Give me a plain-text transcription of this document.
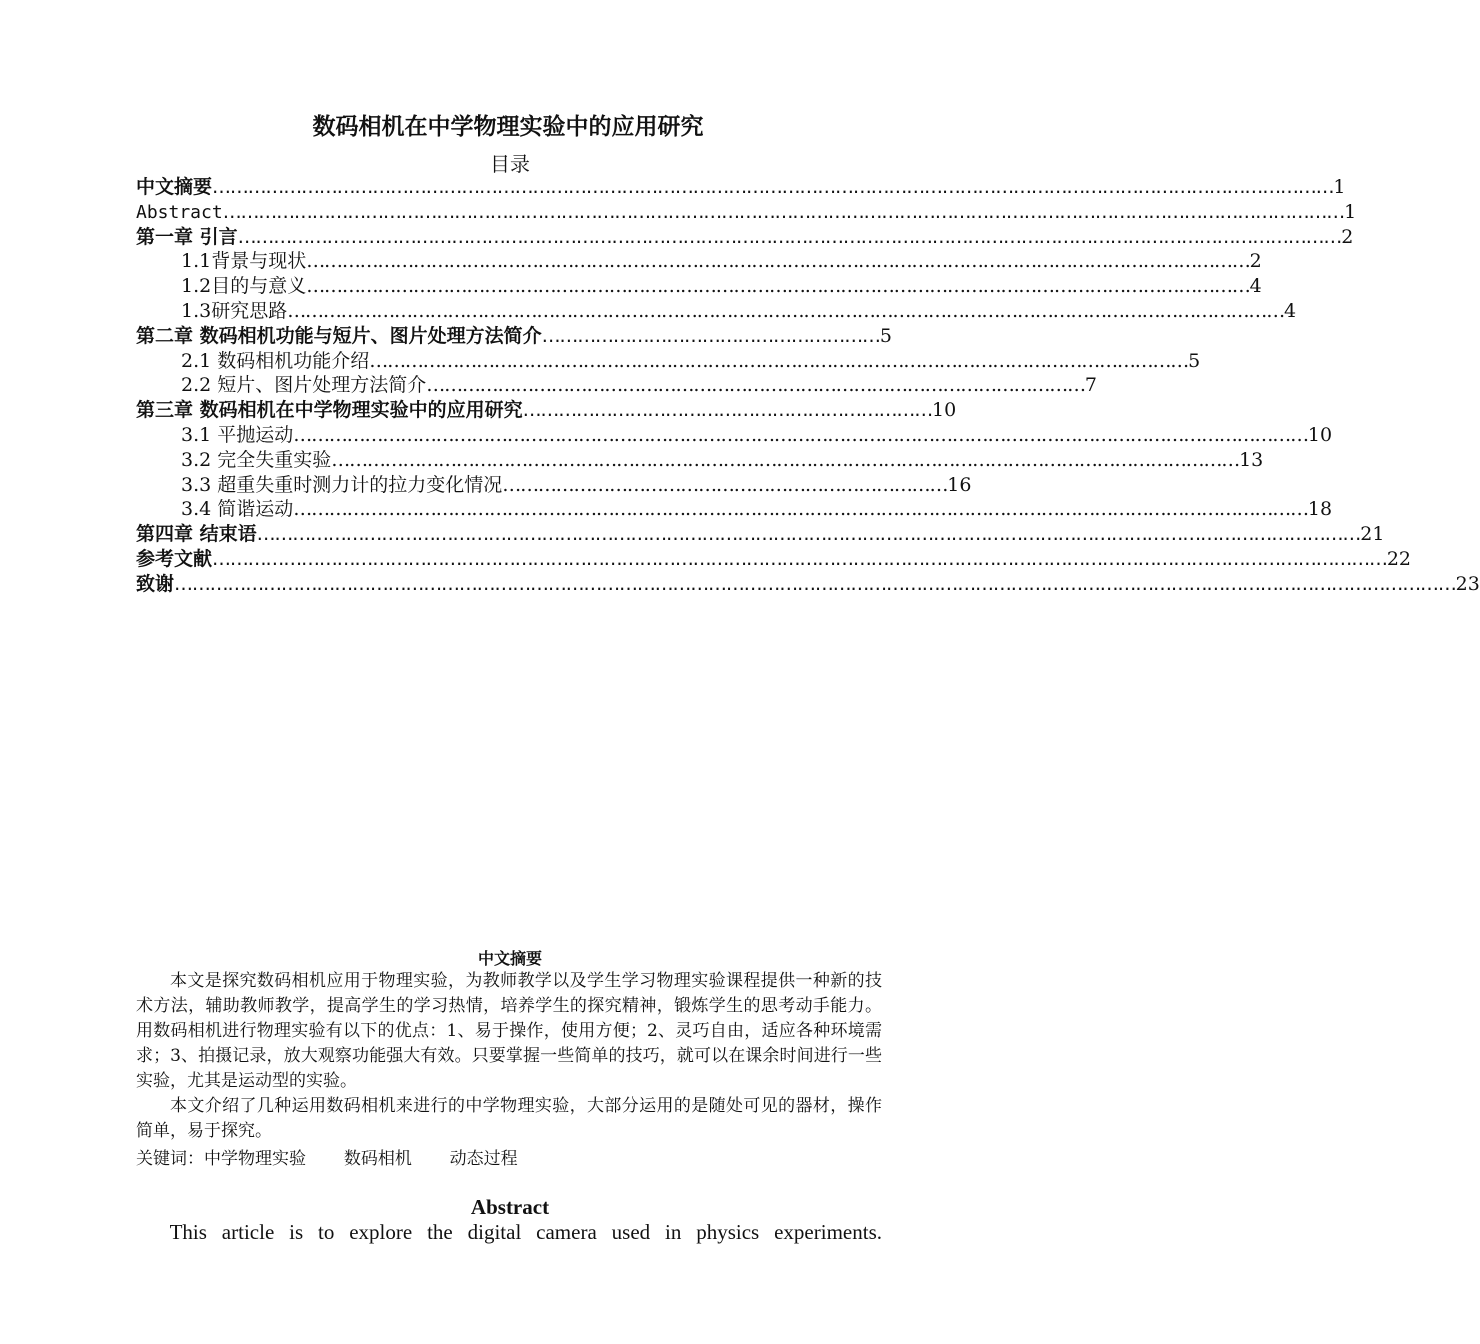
数码相机在中学物理实验中的应用研究
目录
中文摘要………………………………………………………………………………………………………………………………………………………………………1
Abstract………………………………………………………………………………………………………………………………………………………………………1
第一章 引言……………………………………………………………………………………………………………………………………………………………………2
1.1背景与现状……………………………………………………………………………………………………………………………………………2
1.2目的与意义……………………………………………………………………………………………………………………………………………4
1.3研究思路……………………………………………………………………………………………………………………………………………………4
第二章 数码相机功能与短片、图片处理方法简介…………………………………………………5
2.1 数码相机功能介绍…………………………………………………………………………………………………………………………5
2.2 短片、图片处理方法简介…………………………………………………………………………………………………7
第三章 数码相机在中学物理实验中的应用研究……………………………………………………………10
3.1 平抛运动………………………………………………………………………………………………………………………………………………………10
3.2 完全失重实验………………………………………………………………………………………………………………………………………13
3.3 超重失重时测力计的拉力变化情况…………………………………………………………………16
3.4 简谐运动………………………………………………………………………………………………………………………………………………………18
第四章 结束语……………………………………………………………………………………………………………………………………………………………………21
参考文献………………………………………………………………………………………………………………………………………………………………………………22
致谢………………………………………………………………………………………………………………………………………………………………………………………………23
中文摘要

本文是探究数码相机应用于物理实验，为教师教学以及学生学习物理实验课程提供一种新的技术方法，辅助教师教学，提高学生的学习热情，培养学生的探究精神，锻炼学生的思考动手能力。用数码相机进行物理实验有以下的优点：1、易于操作，使用方便；2、灵巧自由，适应各种环境需求；3、拍摄记录，放大观察功能强大有效。只要掌握一些简单的技巧，就可以在课余时间进行一些实验，尤其是运动型的实验。

本文介绍了几种运用数码相机来进行的中学物理实验，大部分运用的是随处可见的器材，操作简单，易于探究。

关键词：中学物理实验 数码相机 动态过程
Abstract
This article is to explore the digital camera used in physics experiments.
